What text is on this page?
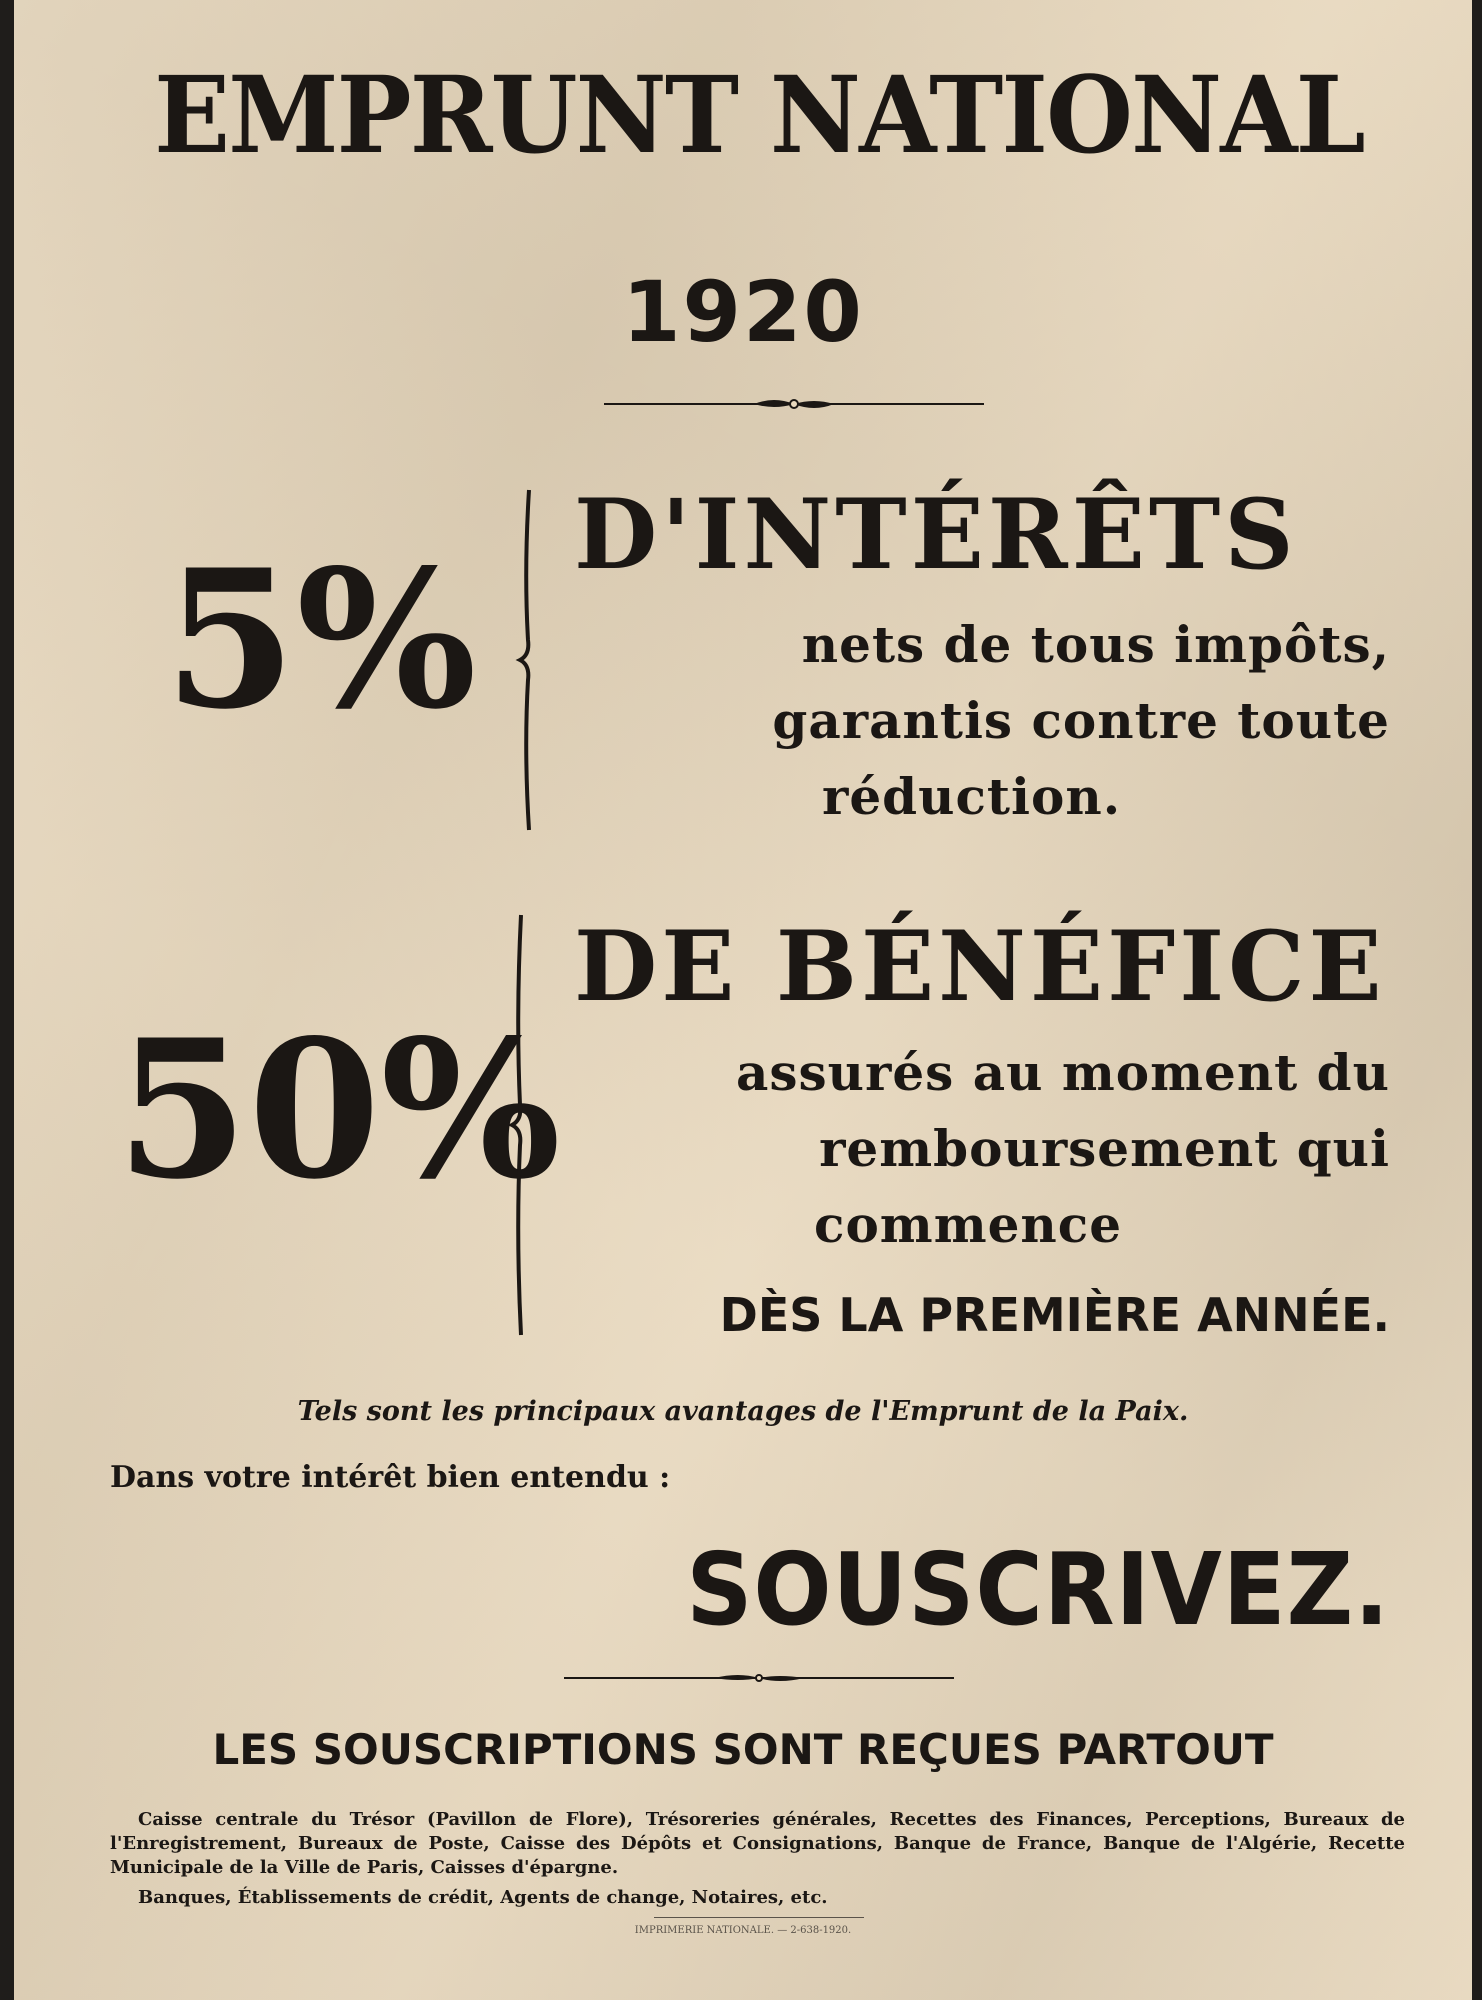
EMPRUNT NATIONAL
1920
5% D'INTÉRÊTS
nets de tous impôts,
garantis contre toute
réduction.
50%
DE BÉNÉFICE
assurés au moment du
remboursement qui
commence
DÈS LA PREMIÈRE ANNÉE.
Tels sont les principaux avantages de l'Emprunt de la Paix.
Dans votre intérêt bien entendu :
SOUSCRIVEZ.
LES SOUSCRIPTIONS SONT REÇUES PARTOUT

Caisse centrale du Trésor (Pavillon de Flore), Trésoreries générales, Recettes des Finances, Perceptions, Bureaux de l'Enregistrement, Bureaux de Poste, Caisse des Dépôts et Consignations, Banque de France, Banque de l'Algérie, Recette Municipale de la Ville de Paris, Caisses d'épargne.

Banques, Établissements de crédit, Agents de change, Notaires, etc.

IMPRIMERIE NATIONALE. — 2-638-1920.
